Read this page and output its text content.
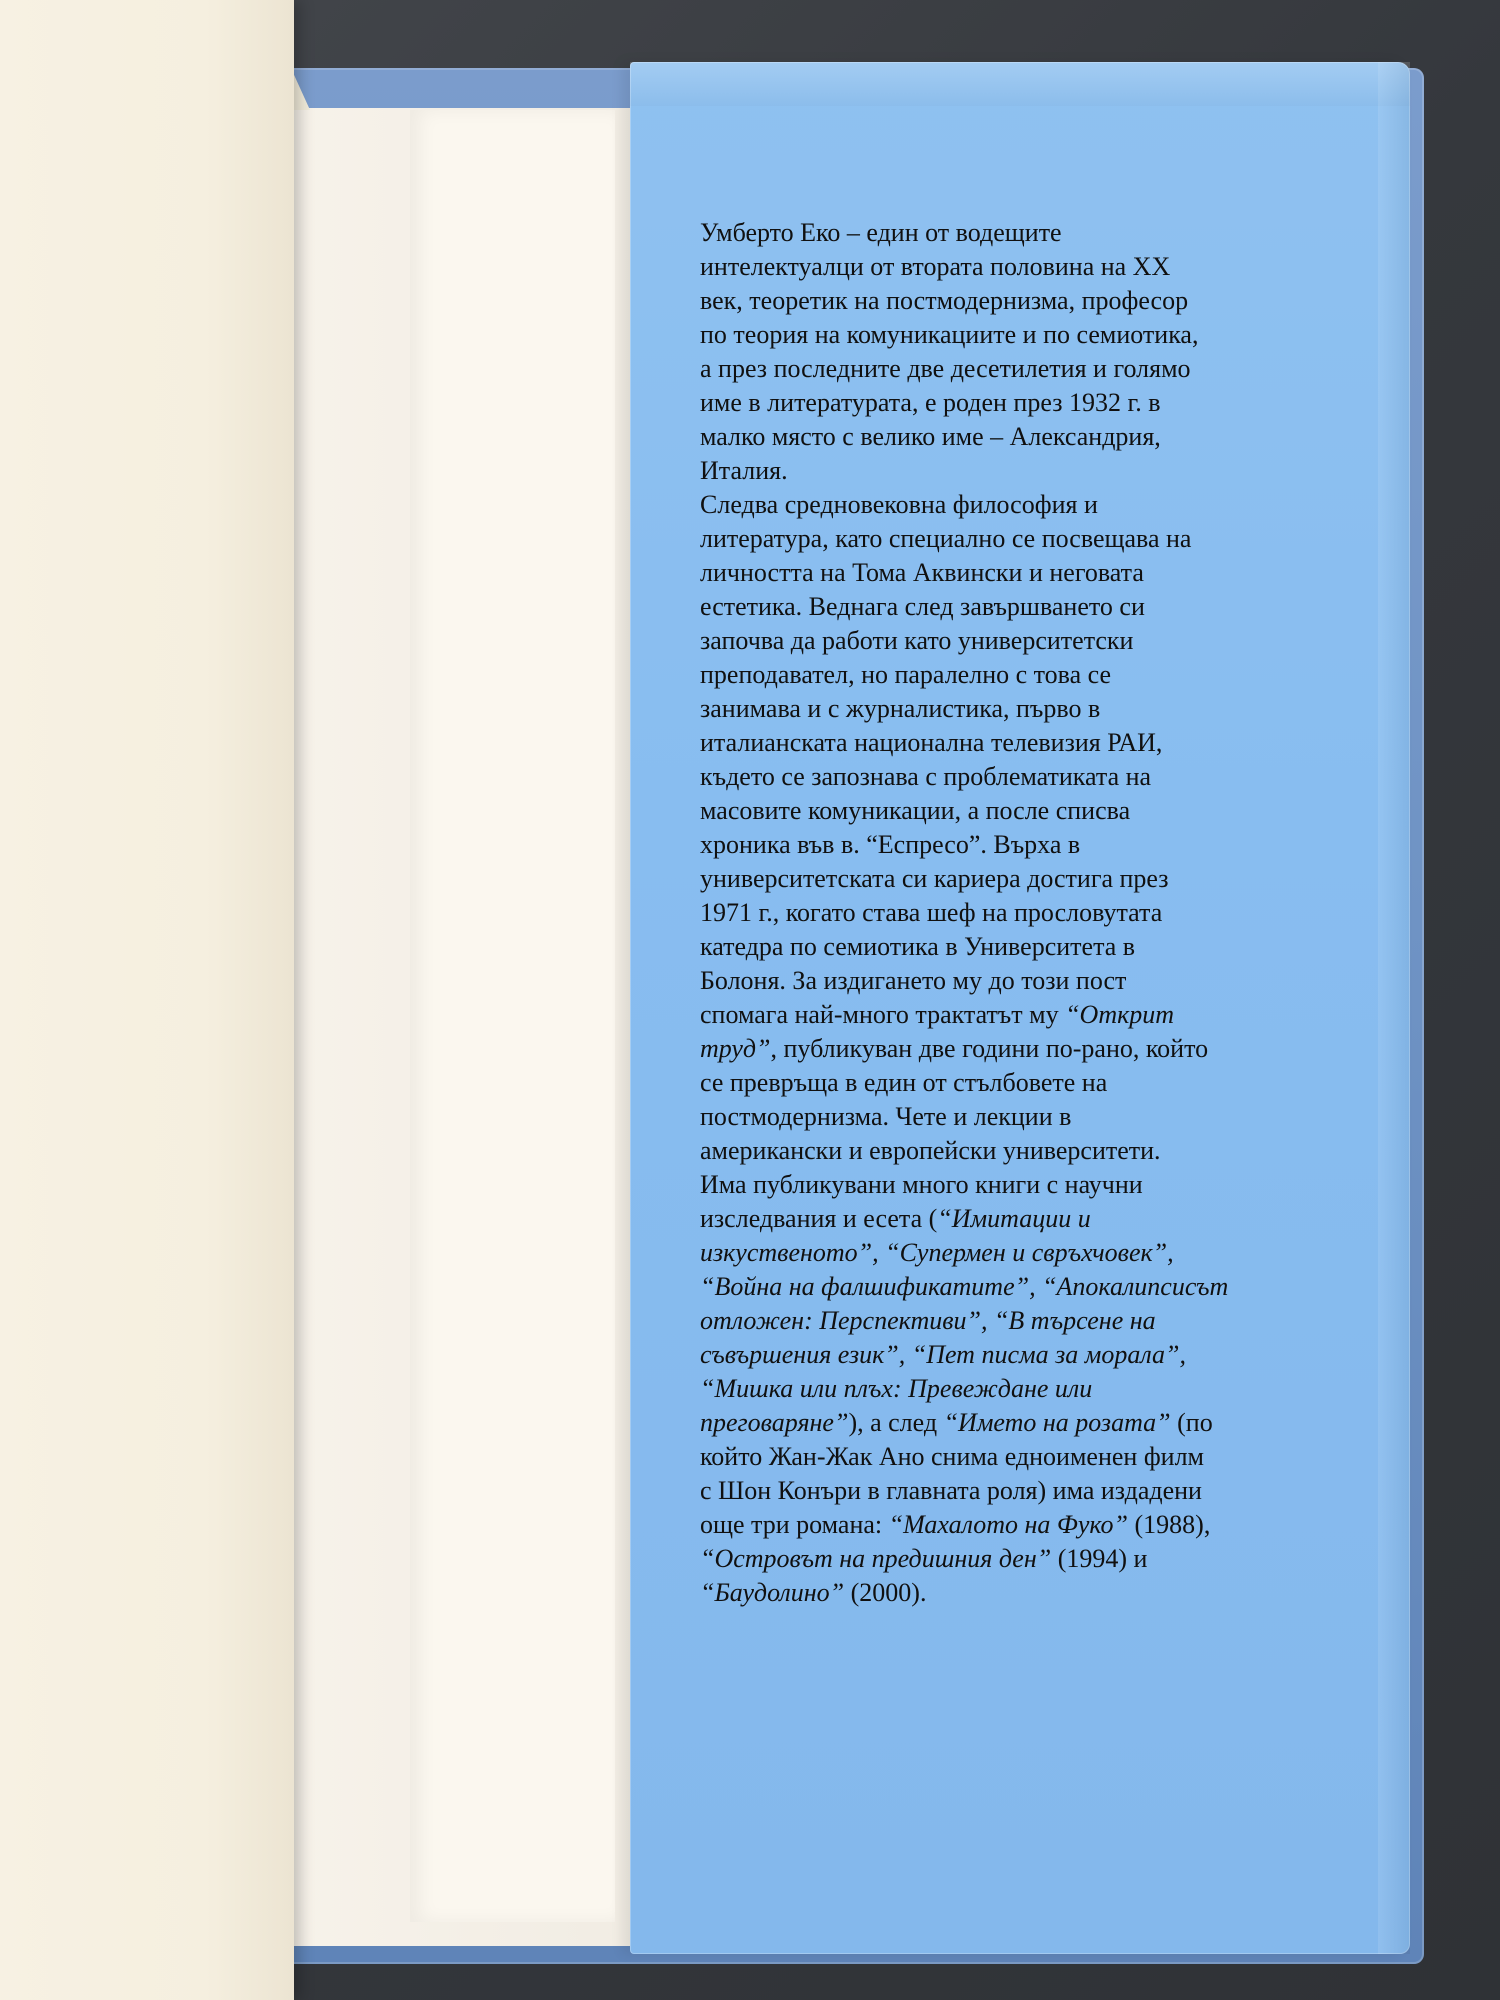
Умберто Еко – един от водещите
интелектуалци от втората половина на XX
век, теоретик на постмодернизма, професор
по теория на комуникациите и по семиотика,
а през последните две десетилетия и голямо
име в литературата, е роден през 1932 г. в
малко място с велико име – Александрия,
Италия.
Следва средновековна философия и
литература, като специално се посвещава на
личността на Тома Аквински и неговата
естетика. Веднага след завършването си
започва да работи като университетски
преподавател, но паралелно с това се
занимава и с журналистика, първо в
италианската национална телевизия РАИ,
където се запознава с проблематиката на
масовите комуникации, а после списва
хроника във в. “Еспресо”. Върха в
университетската си кариера достига през
1971 г., когато става шеф на прословутата
катедра по семиотика в Университета в
Болоня. За издигането му до този пост
спомага най-много трактатът му “Открит
труд”, публикуван две години по-рано, който
се превръща в един от стълбовете на
постмодернизма. Чете и лекции в
американски и европейски университети.
Има публикувани много книги с научни
изследвания и есета (“Имитации и
изкуственото”, “Супермен и свръхчовек”,
“Война на фалшификатите”, “Апокалипсисът
отложен: Перспективи”, “В търсене на
съвършения език”, “Пет писма за морала”,
“Мишка или плъх: Превеждане или
преговаряне”), а след “Името на розата” (по
който Жан-Жак Ано снима едноименен филм
с Шон Конъри в главната роля) има издадени
още три романа: “Махалото на Фуко” (1988),
“Островът на предишния ден” (1994) и
“Баудолино” (2000).
